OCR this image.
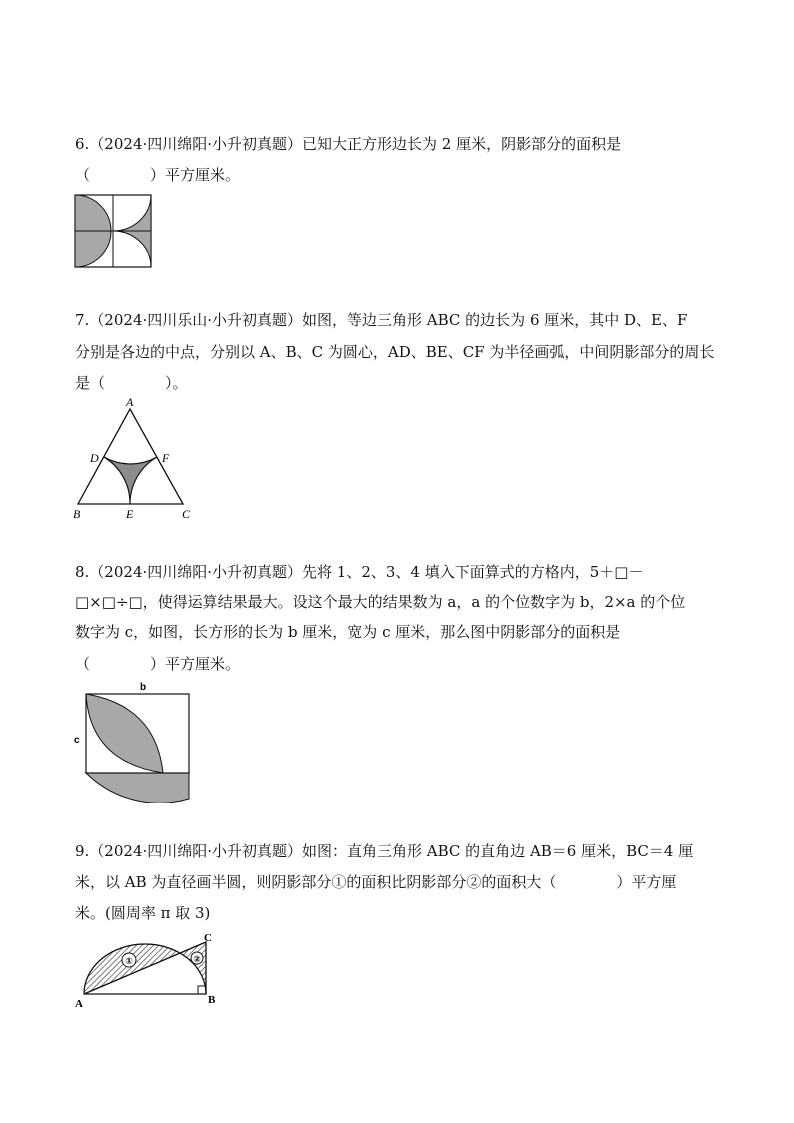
6.（2024·四川绵阳·小升初真题）已知大正方形边长为 2 厘米，阴影部分的面积是
（　　　　）平方厘米。
7.（2024·四川乐山·小升初真题）如图，等边三角形 ABC 的边长为 6 厘米，其中 D、E、F
分别是各边的中点，分别以 A、B、C 为圆心，AD、BE、CF 为半径画弧，中间阴影部分的周长
是（　　　　）。
A
B	C
D	F
E
8.（2024·四川绵阳·小升初真题）先将 1、2、3、4 填入下面算式的方格内，5＋□－
□×□÷□，使得运算结果最大。设这个最大的结果数为 a，a 的个位数字为 b，2×a 的个位
数字为 c，如图，长方形的长为 b 厘米，宽为 c 厘米，那么图中阴影部分的面积是
（　　　　）平方厘米。
b
c
9.（2024·四川绵阳·小升初真题）如图：直角三角形 ABC 的直角边 AB＝6 厘米，BC＝4 厘
米，以 AB 为直径画半圆，则阴影部分①的面积比阴影部分②的面积大（　　　　）平方厘
米。(圆周率 π 取 3)
①	②
A	B
C
